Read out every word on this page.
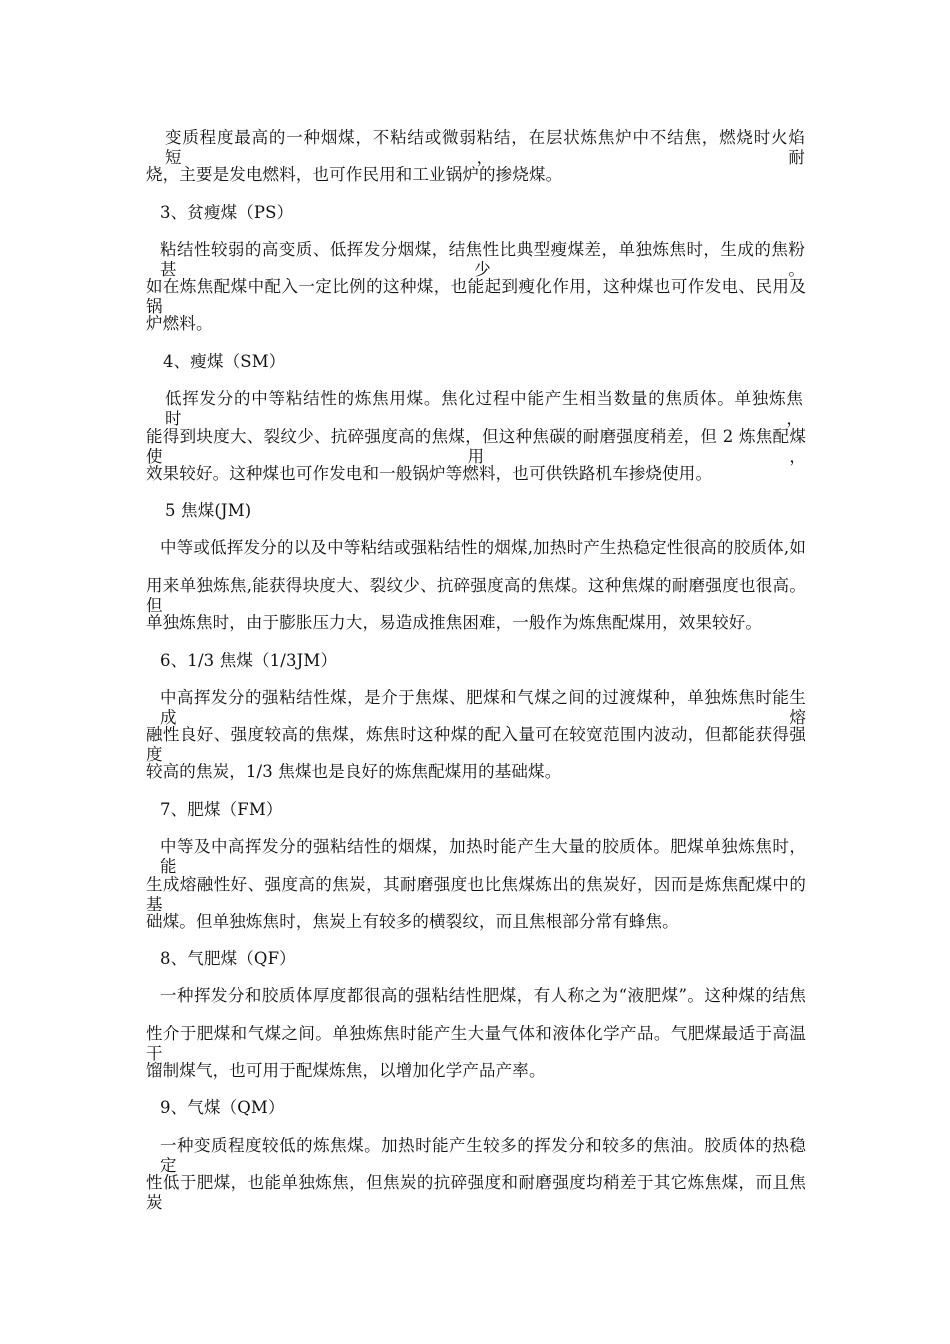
变质程度最高的一种烟煤，不粘结或微弱粘结，在层状炼焦炉中不结焦，燃烧时火焰短，耐
烧，主要是发电燃料，也可作民用和工业锅炉的掺烧煤。
3、贫瘦煤（PS）
粘结性较弱的高变质、低挥发分烟煤，结焦性比典型瘦煤差，单独炼焦时，生成的焦粉甚少。
如在炼焦配煤中配入一定比例的这种煤，也能起到瘦化作用，这种煤也可作发电、民用及锅
炉燃料。
4、瘦煤（SM）
低挥发分的中等粘结性的炼焦用煤。焦化过程中能产生相当数量的焦质体。单独炼焦时，
能得到块度大、裂纹少、抗碎强度高的焦煤，但这种焦碳的耐磨强度稍差，但 2 炼焦配煤使用，
效果较好。这种煤也可作发电和一般锅炉等燃料，也可供铁路机车掺烧使用。
5 焦煤(JM)
中等或低挥发分的以及中等粘结或强粘结性的烟煤,加热时产生热稳定性很高的胶质体,如
用来单独炼焦,能获得块度大、裂纹少、抗碎强度高的焦煤。这种焦煤的耐磨强度也很高。但
单独炼焦时，由于膨胀压力大，易造成推焦困难，一般作为炼焦配煤用，效果较好。
6、1/3 焦煤（1/3JM）
中高挥发分的强粘结性煤，是介于焦煤、肥煤和气煤之间的过渡煤种，单独炼焦时能生成熔
融性良好、强度较高的焦煤，炼焦时这种煤的配入量可在较宽范围内波动，但都能获得强度
较高的焦炭，1/3 焦煤也是良好的炼焦配煤用的基础煤。
7、肥煤（FM）
中等及中高挥发分的强粘结性的烟煤，加热时能产生大量的胶质体。肥煤单独炼焦时，能
生成熔融性好、强度高的焦炭，其耐磨强度也比焦煤炼出的焦炭好，因而是炼焦配煤中的基
础煤。但单独炼焦时，焦炭上有较多的横裂纹，而且焦根部分常有蜂焦。
8、气肥煤（QF）
一种挥发分和胶质体厚度都很高的强粘结性肥煤，有人称之为“液肥煤”。这种煤的结焦
性介于肥煤和气煤之间。单独炼焦时能产生大量气体和液体化学产品。气肥煤最适于高温干
馏制煤气，也可用于配煤炼焦，以增加化学产品产率。
9、气煤（QM）
一种变质程度较低的炼焦煤。加热时能产生较多的挥发分和较多的焦油。胶质体的热稳定
性低于肥煤，也能单独炼焦，但焦炭的抗碎强度和耐磨强度均稍差于其它炼焦煤，而且焦炭
